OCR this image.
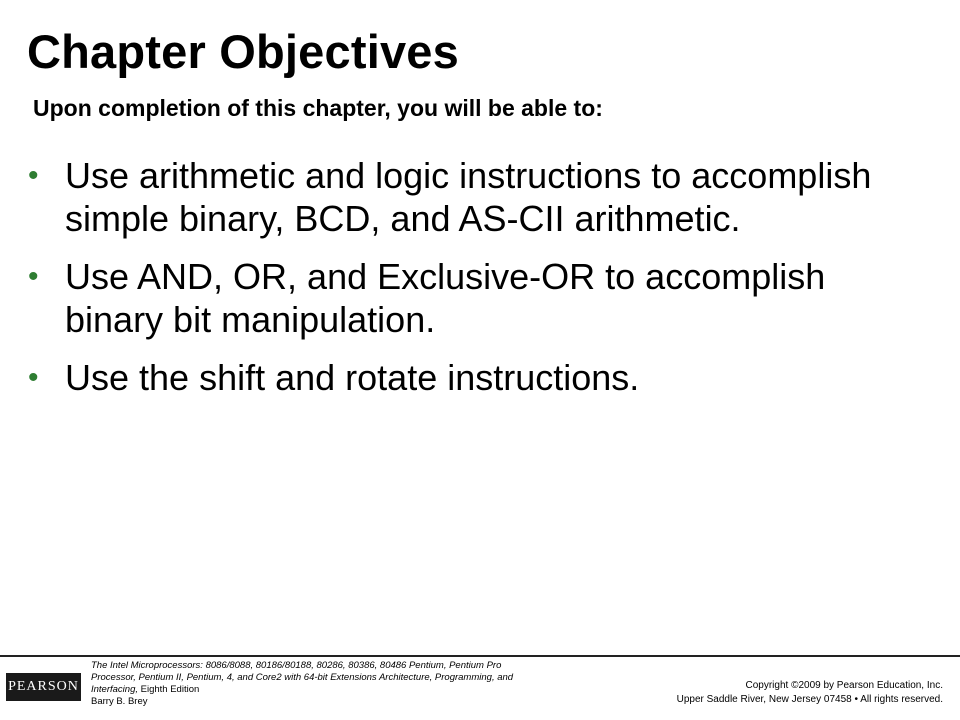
Chapter Objectives

Upon completion of this chapter, you will be able to:

• Use arithmetic and logic instructions to accomplish simple binary, BCD, and AS-CII arithmetic.
• Use AND, OR, and Exclusive-OR to accomplish binary bit manipulation.
• Use the shift and rotate instructions.
PEARSON
The Intel Microprocessors: 8086/8088, 80186/80188, 80286, 80386, 80486 Pentium, Pentium Pro Processor, Pentium II, Pentium, 4, and Core2 with 64-bit Extensions Architecture, Programming, and Interfacing, Eighth Edition
Barry B. Brey
Copyright ©2009 by Pearson Education, Inc.
Upper Saddle River, New Jersey 07458 • All rights reserved.
